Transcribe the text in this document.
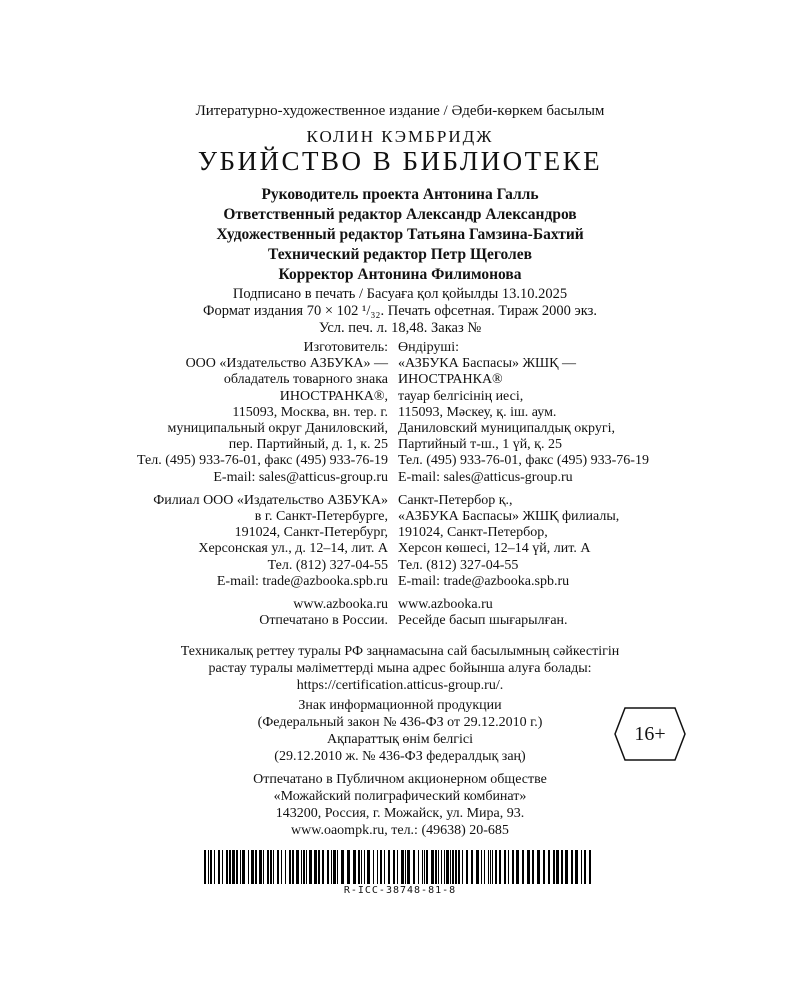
Литературно-художественное издание / Әдеби-көркем басылым
КОЛИН КЭМБРИДЖ
УБИЙСТВО В БИБЛИОТЕКЕ
Руководитель проекта Антонина Галль
Ответственный редактор Александр Александров
Художественный редактор Татьяна Гамзина-Бахтий
Технический редактор Петр Щеголев
Корректор Антонина Филимонова
Подписано в печать / Басуаға қол қойылды 13.10.2025
Формат издания 70 × 102 ¹/₃₂. Печать офсетная. Тираж 2000 экз.
Усл. печ. л. 18,48. Заказ №
Изготовитель:
ООО «Издательство АЗБУКА» —
обладатель товарного знака
ИНОСТРАНКА®,
115093, Москва, вн. тер. г.
муниципальный округ Даниловский,
пер. Партийный, д. 1, к. 25
Тел. (495) 933-76-01, факс (495) 933-76-19
E-mail: sales@atticus-group.ru
Филиал ООО «Издательство АЗБУКА»
в г. Санкт-Петербурге,
191024, Санкт-Петербург,
Херсонская ул., д. 12–14, лит. А
Тел. (812) 327-04-55
E-mail: trade@azbooka.spb.ru
www.azbooka.ru
Отпечатано в России.
Өндіруші:
«АЗБУКА Баспасы» ЖШҚ —
ИНОСТРАНКА®
тауар белгісінің иесі,
115093, Мәскеу, қ. іш. аум.
Даниловский муниципалдық округі,
Партийный т-ш., 1 үй, қ. 25
Тел. (495) 933-76-01, факс (495) 933-76-19
E-mail: sales@atticus-group.ru
Санкт-Петербор қ.,
«АЗБУКА Баспасы» ЖШҚ филиалы,
191024, Санкт-Петербор,
Херсон көшесі, 12–14 үй, лит. А
Тел. (812) 327-04-55
E-mail: trade@azbooka.spb.ru
www.azbooka.ru
Ресейде басып шығарылған.
Техникалық реттеу туралы РФ заңнамасына сай басылымның сәйкестігін
растау туралы мәліметтерді мына адрес бойынша алуға болады:
https://certification.atticus-group.ru/.
Знак информационной продукции
(Федеральный закон № 436-ФЗ от 29.12.2010 г.)
Ақпараттық өнім белгісі
(29.12.2010 ж. № 436-ФЗ федералдық заң)
16+
Отпечатано в Публичном акционерном обществе
«Можайский полиграфический комбинат»
143200, Россия, г. Можайск, ул. Мира, 93.
www.oaompk.ru, тел.: (49638) 20-685
R-ICC-38748-81-8
